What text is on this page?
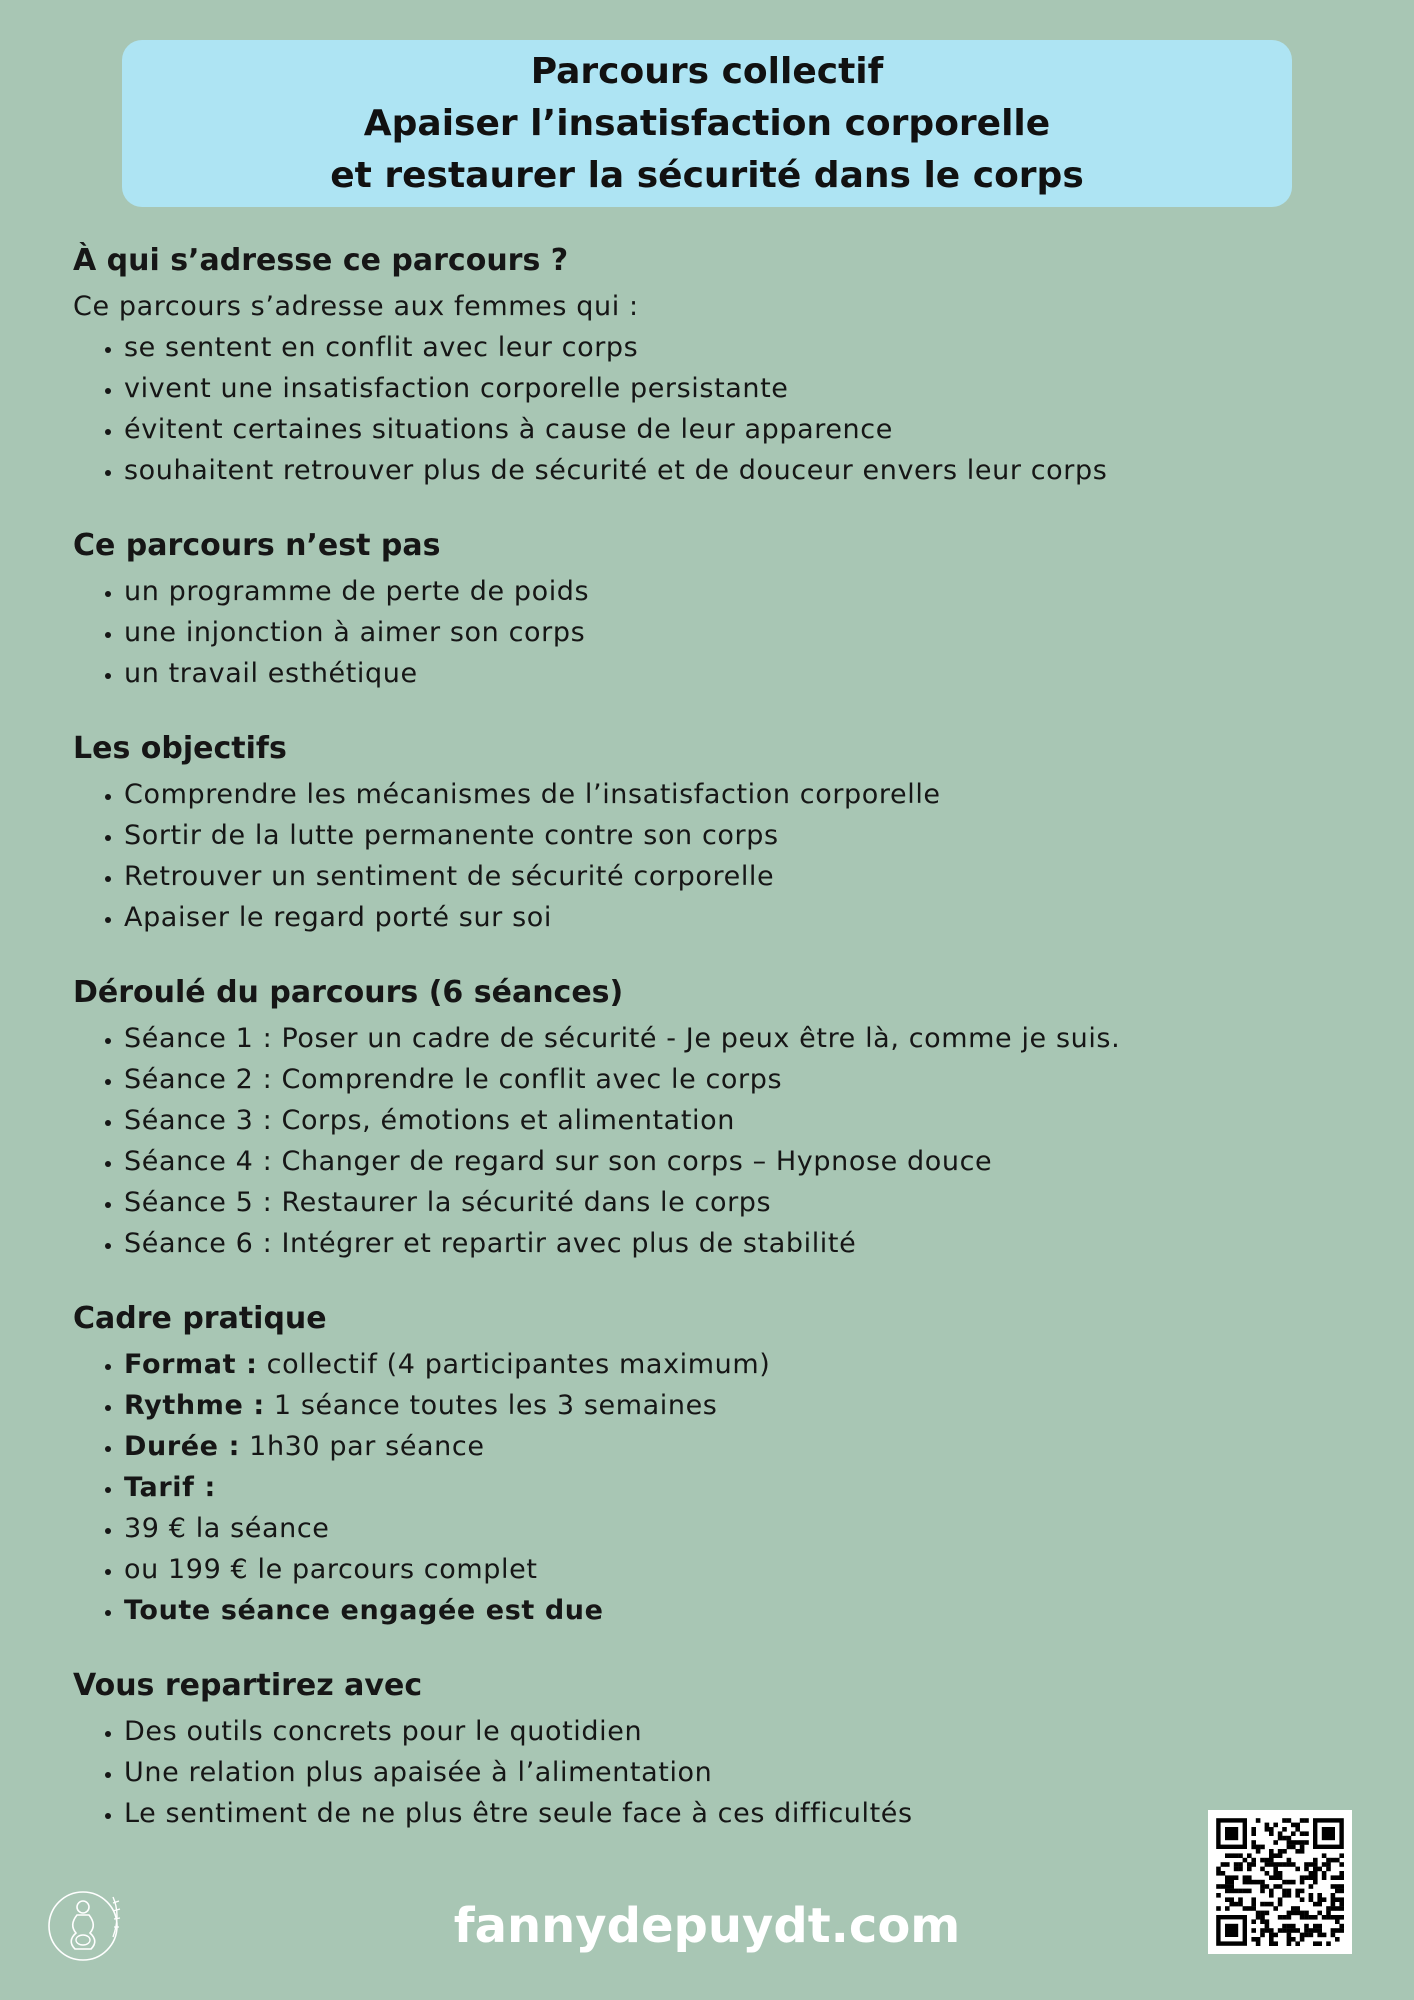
Parcours collectif
Apaiser l’insatisfaction corporelle
et restaurer la sécurité dans le corps
À qui s’adresse ce parcours ?

Ce parcours s’adresse aux femmes qui :

• se sentent en conflit avec leur corps
• vivent une insatisfaction corporelle persistante
• évitent certaines situations à cause de leur apparence
• souhaitent retrouver plus de sécurité et de douceur envers leur corps
Ce parcours n’est pas
• un programme de perte de poids
• une injonction à aimer son corps
• un travail esthétique
Les objectifs
• Comprendre les mécanismes de l’insatisfaction corporelle
• Sortir de la lutte permanente contre son corps
• Retrouver un sentiment de sécurité corporelle
• Apaiser le regard porté sur soi
Déroulé du parcours (6 séances)
• Séance 1 : Poser un cadre de sécurité - Je peux être là, comme je suis.
• Séance 2 : Comprendre le conflit avec le corps
• Séance 3 : Corps, émotions et alimentation
• Séance 4 : Changer de regard sur son corps – Hypnose douce
• Séance 5 : Restaurer la sécurité dans le corps
• Séance 6 : Intégrer et repartir avec plus de stabilité
Cadre pratique
• Format : collectif (4 participantes maximum)
• Rythme : 1 séance toutes les 3 semaines
• Durée : 1h30 par séance
• Tarif :
• 39 € la séance
• ou 199 € le parcours complet
• Toute séance engagée est due
Vous repartirez avec
• Des outils concrets pour le quotidien
• Une relation plus apaisée à l’alimentation
• Le sentiment de ne plus être seule face à ces difficultés
fannydepuydt.com
